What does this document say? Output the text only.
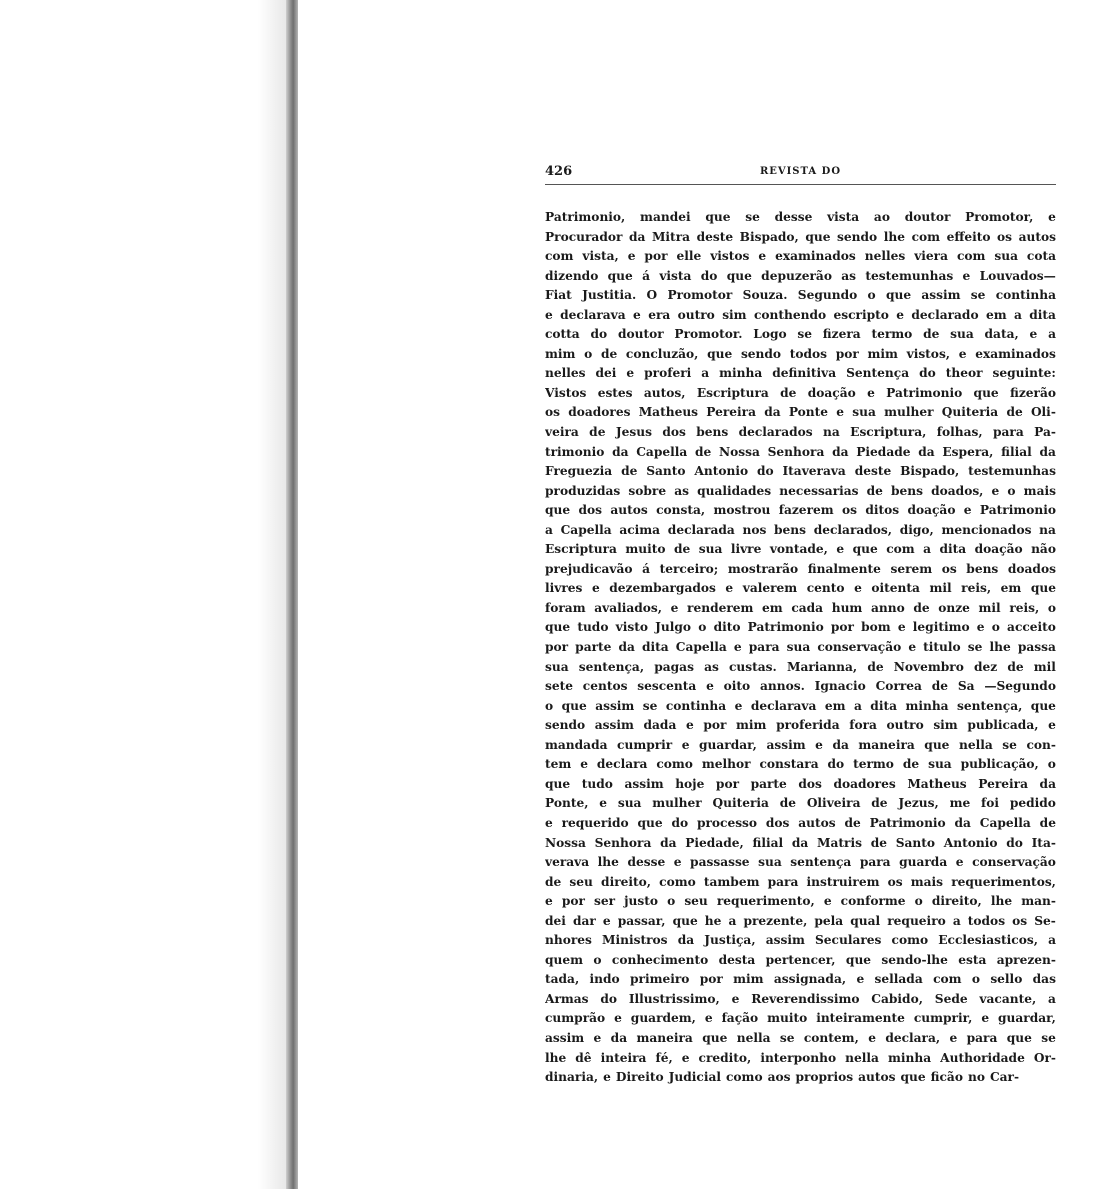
426	REVISTA DO
Patrimonio, mandei que se desse vista ao doutor Promotor, e
Procurador da Mitra deste Bispado, que sendo lhe com effeito os autos
com vista, e por elle vistos e examinados nelles viera com sua cota
dizendo que á vista do que depuzerão as testemunhas e Louvados—
Fiat Justitia. O Promotor Souza. Segundo o que assim se continha
e declarava e era outro sim conthendo escripto e declarado em a dita
cotta do doutor Promotor. Logo se fizera termo de sua data, e a
mim o de concluzão, que sendo todos por mim vistos, e examinados
nelles dei e proferi a minha definitiva Sentença do theor seguinte:
Vistos estes autos, Escriptura de doação e Patrimonio que fizerão
os doadores Matheus Pereira da Ponte e sua mulher Quiteria de Oli-
veira de Jesus dos bens declarados na Escriptura, folhas, para Pa-
trimonio da Capella de Nossa Senhora da Piedade da Espera, filial da
Freguezia de Santo Antonio do Itaverava deste Bispado, testemunhas
produzidas sobre as qualidades necessarias de bens doados, e o mais
que dos autos consta, mostrou fazerem os ditos doação e Patrimonio
a Capella acima declarada nos bens declarados, digo, mencionados na
Escriptura muito de sua livre vontade, e que com a dita doação não
prejudicavão á terceiro; mostrarão finalmente serem os bens doados
livres e dezembargados e valerem cento e oitenta mil reis, em que
foram avaliados, e renderem em cada hum anno de onze mil reis, o
que tudo visto Julgo o dito Patrimonio por bom e legitimo e o acceito
por parte da dita Capella e para sua conservação e titulo se lhe passa
sua sentença, pagas as custas. Marianna, de Novembro dez de mil
sete centos sescenta e oito annos. Ignacio Correa de Sa —Segundo
o que assim se continha e declarava em a dita minha sentença, que
sendo assim dada e por mim proferida fora outro sim publicada, e
mandada cumprir e guardar, assim e da maneira que nella se con-
tem e declara como melhor constara do termo de sua publicação, o
que tudo assim hoje por parte dos doadores Matheus Pereira da
Ponte, e sua mulher Quiteria de Oliveira de Jezus, me foi pedido
e requerido que do processo dos autos de Patrimonio da Capella de
Nossa Senhora da Piedade, filial da Matris de Santo Antonio do Ita-
verava lhe desse e passasse sua sentença para guarda e conservação
de seu direito, como tambem para instruirem os mais requerimentos,
e por ser justo o seu requerimento, e conforme o direito, lhe man-
dei dar e passar, que he a prezente, pela qual requeiro a todos os Se-
nhores Ministros da Justiça, assim Seculares como Ecclesiasticos, a
quem o conhecimento desta pertencer, que sendo-lhe esta aprezen-
tada, indo primeiro por mim assignada, e sellada com o sello das
Armas do Illustrissimo, e Reverendissimo Cabido, Sede vacante, a
cumprão e guardem, e fação muito inteiramente cumprir, e guardar,
assim e da maneira que nella se contem, e declara, e para que se
lhe dê inteira fé, e credito, interponho nella minha Authoridade Or-
dinaria, e Direito Judicial como aos proprios autos que ficão no Car-
